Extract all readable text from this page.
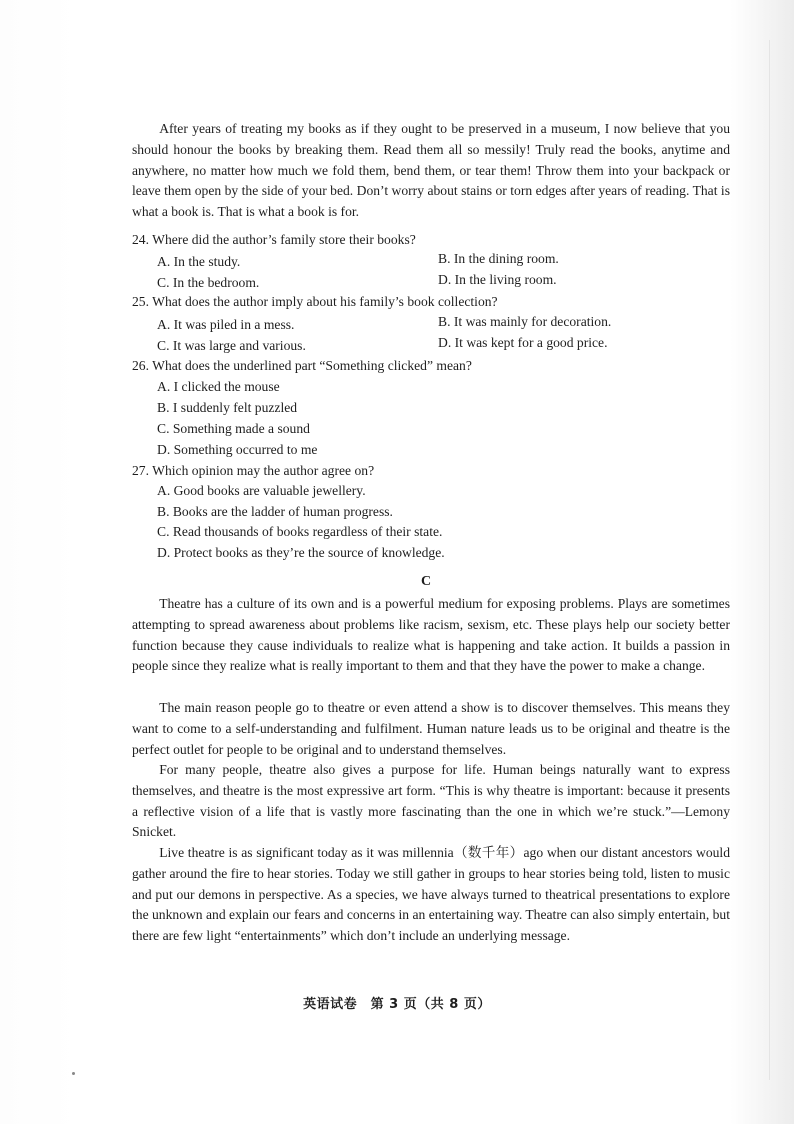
After years of treating my books as if they ought to be preserved in a museum, I now believe that you should honour the books by breaking them. Read them all so messily! Truly read the books, anytime and anywhere, no matter how much we fold them, bend them, or tear them! Throw them into your backpack or leave them open by the side of your bed. Don’t worry about stains or torn edges after years of reading. That is what a book is. That is what a book is for.

24. Where did the author’s family store their books?

A. In the study.	B. In the dining room.

C. In the bedroom.	D. In the living room.

25. What does the author imply about his family’s book collection?

A. It was piled in a mess.	B. It was mainly for decoration.

C. It was large and various.	D. It was kept for a good price.

26. What does the underlined part “Something clicked” mean?

A. I clicked the mouse

B. I suddenly felt puzzled

C. Something made a sound

D. Something occurred to me

27. Which opinion may the author agree on?

A. Good books are valuable jewellery.

B. Books are the ladder of human progress.

C. Read thousands of books regardless of their state.

D. Protect books as they’re the source of knowledge.

C

Theatre has a culture of its own and is a powerful medium for exposing problems. Plays are sometimes attempting to spread awareness about problems like racism, sexism, etc. These plays help our society better function because they cause individuals to realize what is happening and take action. It builds a passion in people since they realize what is really important to them and that they have the power to make a change.

The main reason people go to theatre or even attend a show is to discover themselves. This means they want to come to a self-understanding and fulfilment. Human nature leads us to be original and theatre is the perfect outlet for people to be original and to understand themselves.

For many people, theatre also gives a purpose for life. Human beings naturally want to express themselves, and theatre is the most expressive art form. “This is why theatre is important: because it presents a reflective vision of a life that is vastly more fascinating than the one in which we’re stuck.”—Lemony Snicket.

Live theatre is as significant today as it was millennia（数千年）ago when our distant ancestors would gather around the fire to hear stories. Today we still gather in groups to hear stories being told, listen to music and put our demons in perspective. As a species, we have always turned to theatrical presentations to explore the unknown and explain our fears and concerns in an entertaining way. Theatre can also simply entertain, but there are few light “entertainments” which don’t include an underlying message.

英语试卷　第 3 页（共 8 页）
